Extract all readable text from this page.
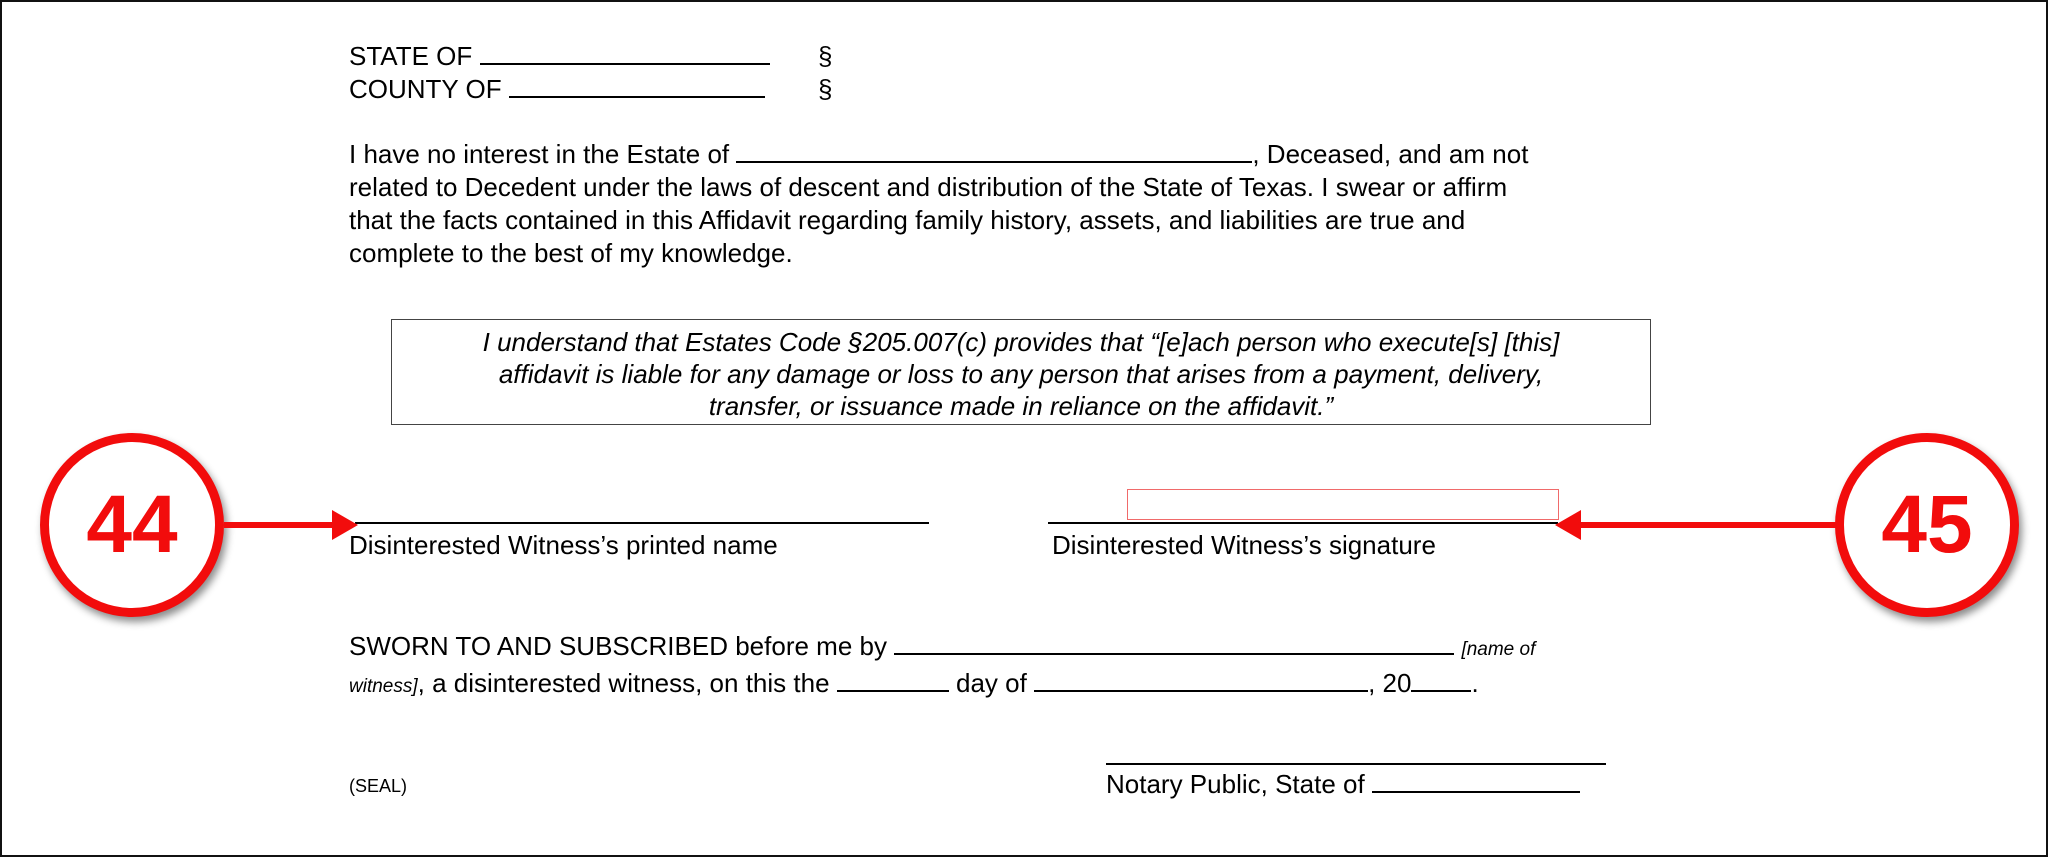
STATE OF	§
COUNTY OF	§
I have no interest in the Estate of	, Deceased, and am not
related to Decedent under the laws of descent and distribution of the State of Texas. I swear or affirm
that the facts contained in this Affidavit regarding family history, assets, and liabilities are true and
complete to the best of my knowledge.
I understand that Estates Code §205.007(c) provides that “[e]ach person who execute[s] [this]
affidavit is liable for any damage or loss to any person that arises from a payment, delivery,
transfer, or issuance made in reliance on the affidavit.”
Disinterested Witness’s printed name	Disinterested Witness’s signature
44	45
SWORN TO AND SUBSCRIBED before me by	[name of
witness], a disinterested witness, on this the	day of	, 20 .
(SEAL)	Notary Public, State of
